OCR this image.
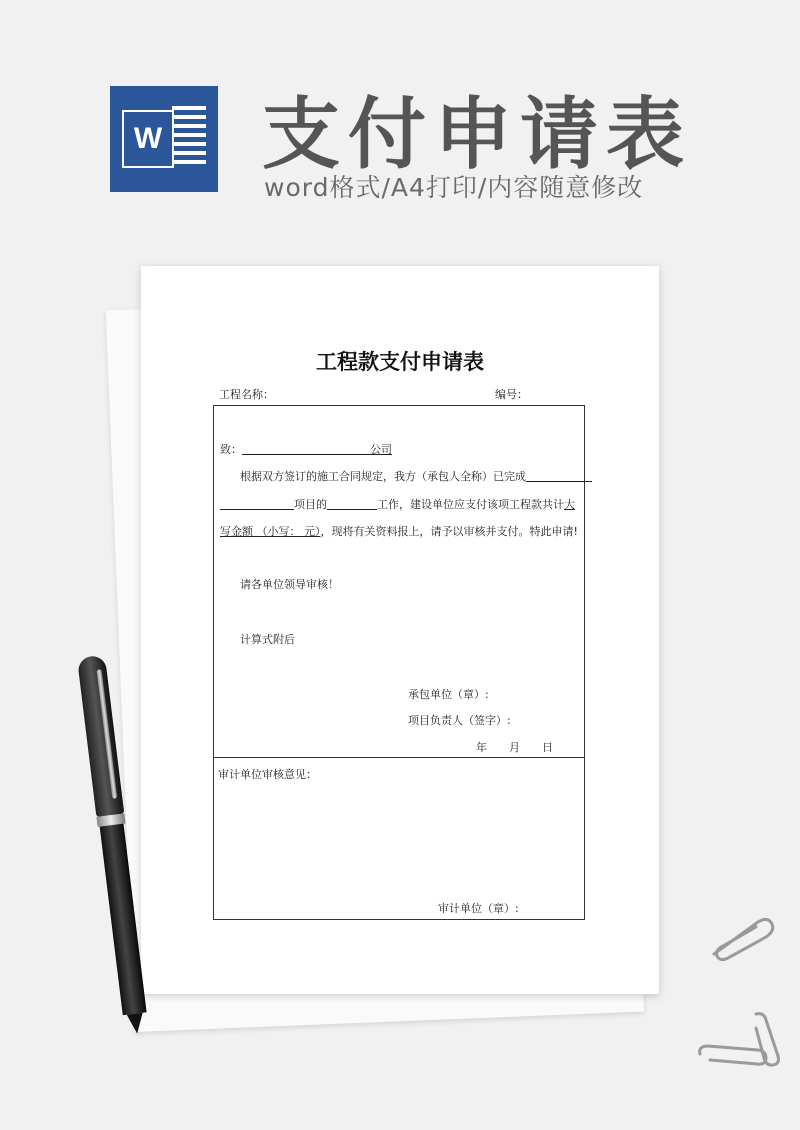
W 支付申请表
word格式/A4打印/内容随意修改
工程款支付申请表
工程名称：	编号：
致：	公司
根据双方签订的施工合同规定，我方（承包人全称）已完成
项目的	工作，建设单位应支付该项工程款共计大
写金额 （小写： 元），现将有关资料报上，请予以审核并支付。特此申请!
请各单位领导审核！
计算式附后
承包单位（章）:
项目负责人（签字）:
年 月 日
审计单位审核意见：
审计单位（章）:
